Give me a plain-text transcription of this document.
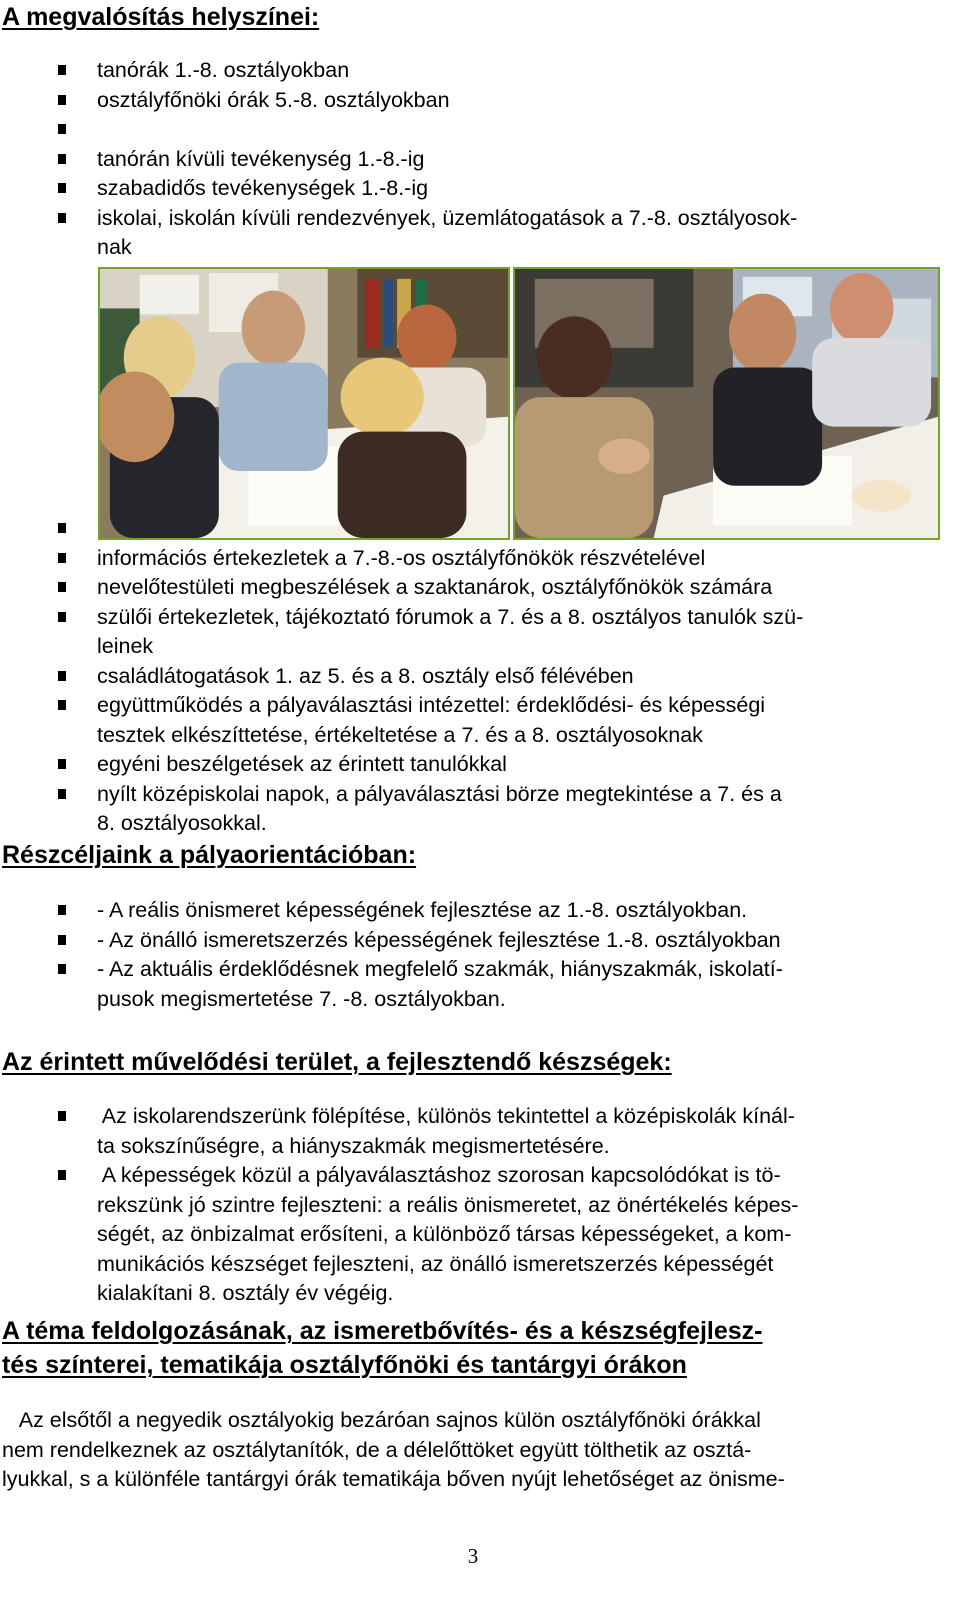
A megvalósítás helyszínei:
tanórák 1.-8. osztályokban
osztályfőnöki órák 5.-8. osztályokban

tanórán kívüli tevékenység 1.-8.-ig
szabadidős tevékenységek 1.-8.-ig
iskolai, iskolán kívüli rendezvények, üzemlátogatások a 7.-8. osztályosok-
nak

információs értekezletek a 7.-8.-os osztályfőnökök részvételével
nevelőtestületi megbeszélések a szaktanárok, osztályfőnökök számára
szülői értekezletek, tájékoztató fórumok a 7. és a 8. osztályos tanulók szü-
leinek
családlátogatások 1. az 5. és a 8. osztály első félévében
együttműködés a pályaválasztási intézettel: érdeklődési- és képességi
tesztek elkészíttetése, értékeltetése a 7. és a 8. osztályosoknak
egyéni beszélgetések az érintett tanulókkal
nyílt középiskolai napok, a pályaválasztási börze megtekintése a 7. és a
8. osztályosokkal.
Részcéljaink a pályaorientációban:
- A reális önismeret képességének fejlesztése az 1.-8. osztályokban.
- Az önálló ismeretszerzés képességének fejlesztése 1.-8. osztályokban
- Az aktuális érdeklődésnek megfelelő szakmák, hiányszakmák, iskolatí-
pusok megismertetése 7. -8. osztályokban.
Az érintett művelődési terület, a fejlesztendő készségek:
Az iskolarendszerünk fölépítése, különös tekintettel a középiskolák kínál-
ta sokszínűségre, a hiányszakmák megismertetésére.
A képességek közül a pályaválasztáshoz szorosan kapcsolódókat is tö-
rekszünk jó szintre fejleszteni: a reális önismeretet, az önértékelés képes-
ségét, az önbizalmat erősíteni, a különböző társas képességeket, a kom-
munikációs készséget fejleszteni, az önálló ismeretszerzés képességét
kialakítani 8. osztály év végéig.
A téma feldolgozásának, az ismeretbővítés- és a készségfejlesz-
tés színterei, tematikája osztályfőnöki és tantárgyi órákon
Az elsőtől a negyedik osztályokig bezáróan sajnos külön osztályfőnöki órákkal
nem rendelkeznek az osztálytanítók, de a délelőttöket együtt tölthetik az osztá-
lyukkal, s a különféle tantárgyi órák tematikája bőven nyújt lehetőséget az önisme-
3
